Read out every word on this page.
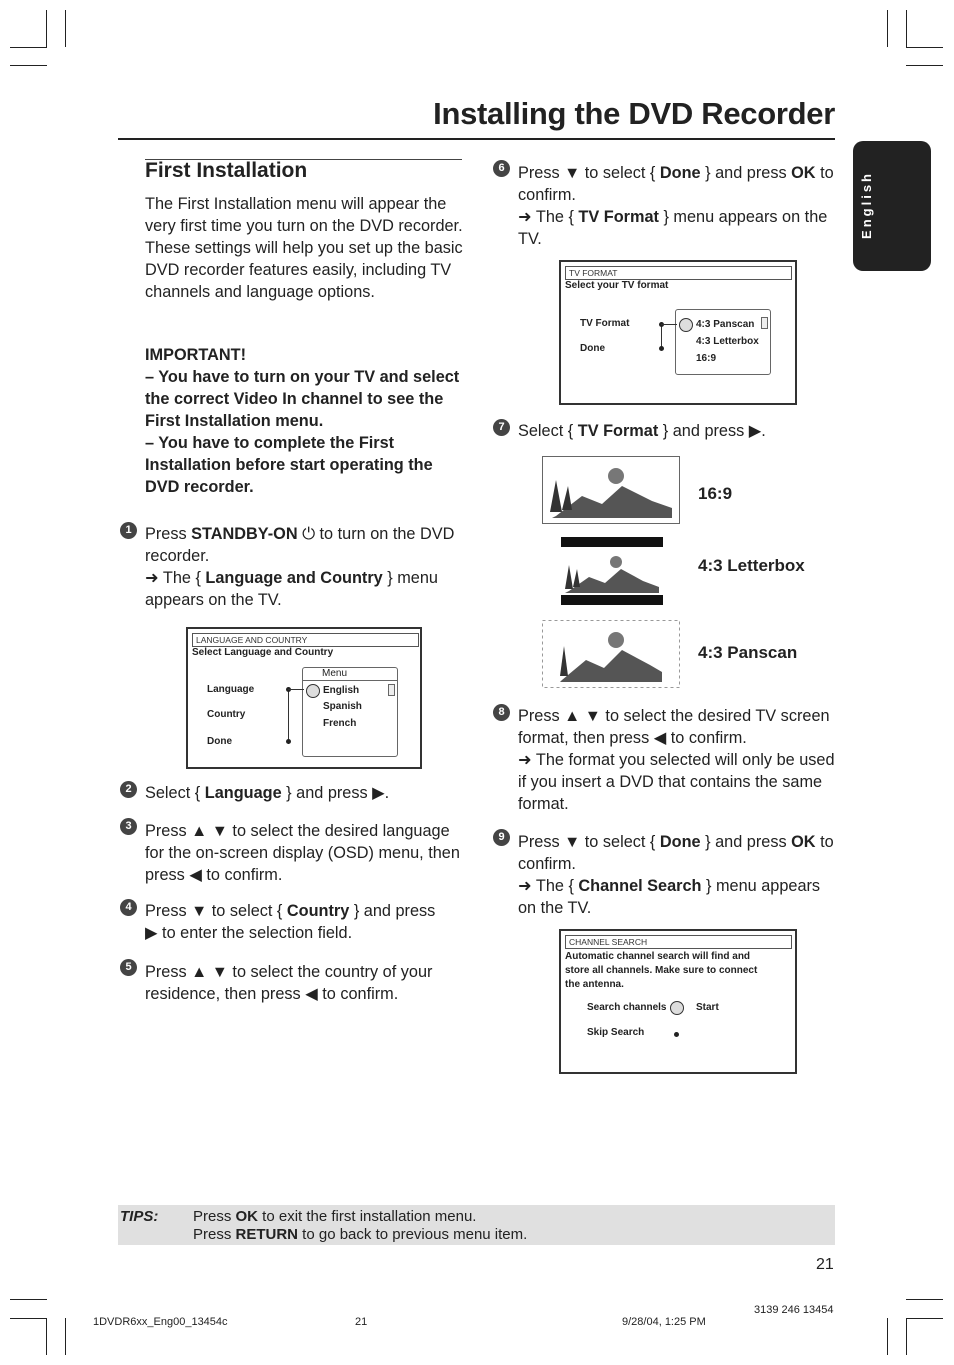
Installing the DVD Recorder
English
First Installation
The First Installation menu will appear the very first time you turn on the DVD recorder. These settings will help you set up the basic DVD recorder features easily, including TV channels and language options.
IMPORTANT!
– You have to turn on your TV and select the correct Video In channel to see the First Installation menu.
– You have to complete the First Installation before start operating the DVD recorder.
1 Press STANDBY-ON ⏻ to turn on the DVD recorder.
➜ The { Language and Country } menu appears on the TV.
LANGUAGE AND COUNTRY
Select Language and Country
Menu
Language
Country
Done
English
Spanish
French
2 Select { Language } and press ▶.
3 Press ▲ ▼ to select the desired language for the on-screen display (OSD) menu, then press ◀ to confirm.
4 Press ▼ to select { Country } and press
▶ to enter the selection field.
5 Press ▲ ▼ to select the country of your residence, then press ◀ to confirm.
6 Press ▼ to select { Done } and press OK to confirm.
➜ The { TV Format } menu appears on the TV.
TV FORMAT
Select your TV format
TV Format
Done
4:3 Panscan
4:3 Letterbox
16:9
7 Select { TV Format } and press ▶.
16:9
4:3 Letterbox
4:3 Panscan
8 Press ▲ ▼ to select the desired TV screen format, then press ◀ to confirm.
➜ The format you selected will only be used if you insert a DVD that contains the same format.
9 Press ▼ to select { Done } and press OK to confirm.
➜ The { Channel Search } menu appears on the TV.
CHANNEL SEARCH
Automatic channel search will find and
store all channels. Make sure to connect
the antenna.
Search channels	Start
Skip Search
TIPS: Press OK to exit the first installation menu.
Press RETURN to go back to previous menu item.
21
1DVDR6xx_Eng00_13454c	21	9/28/04, 1:25 PM
3139 246 13454
